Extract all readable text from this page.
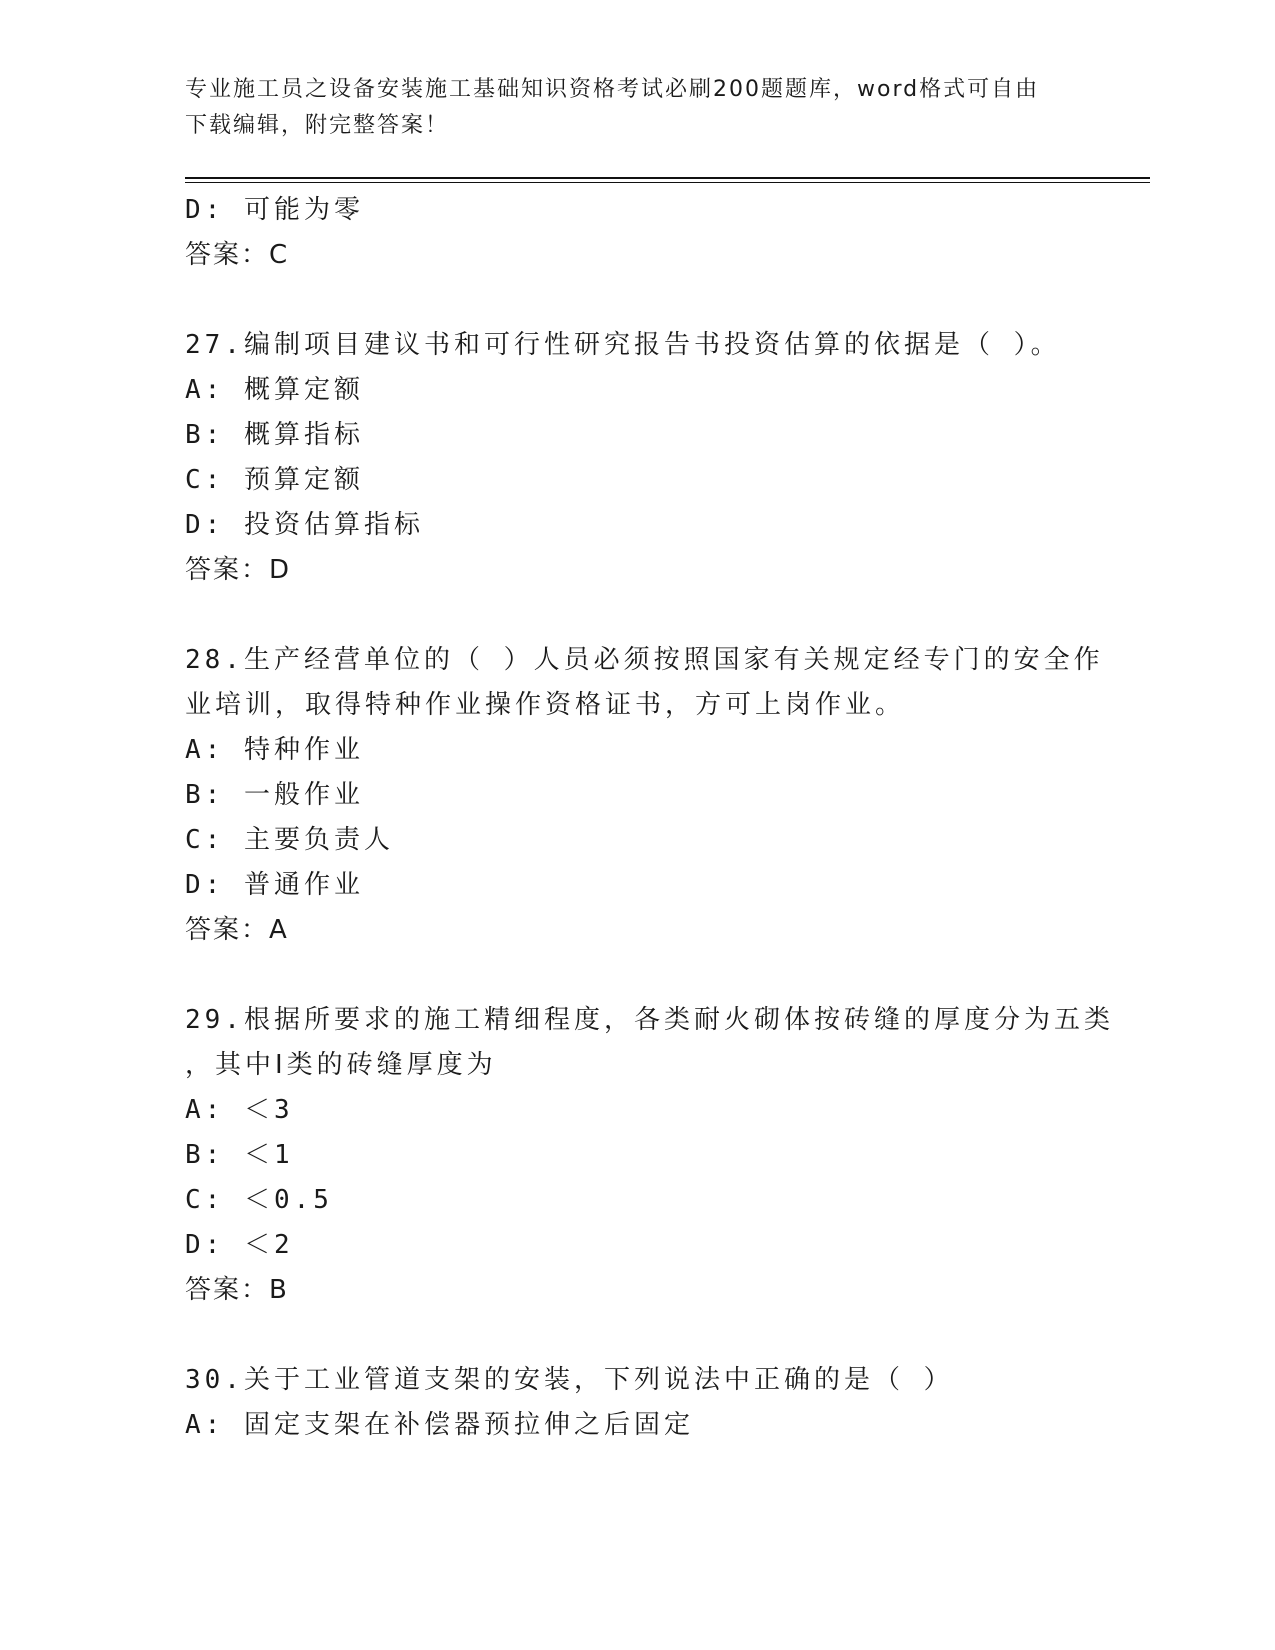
专业施工员之设备安装施工基础知识资格考试必刷200题题库，word格式可自由
下载编辑，附完整答案！
D: 可能为零
答案：C
27.编制项目建议书和可行性研究报告书投资估算的依据是（ ）。
A: 概算定额
B: 概算指标
C: 预算定额
D: 投资估算指标
答案：D
28.生产经营单位的（ ）人员必须按照国家有关规定经专门的安全作
业培训，取得特种作业操作资格证书，方可上岗作业。
A: 特种作业
B: 一般作业
C: 主要负责人
D: 普通作业
答案：A
29.根据所要求的施工精细程度，各类耐火砌体按砖缝的厚度分为五类
，其中Ⅰ类的砖缝厚度为
A: ＜3
B: ＜1
C: ＜0.5
D: ＜2
答案：B
30.关于工业管道支架的安装，下列说法中正确的是（ ）
A: 固定支架在补偿器预拉伸之后固定
